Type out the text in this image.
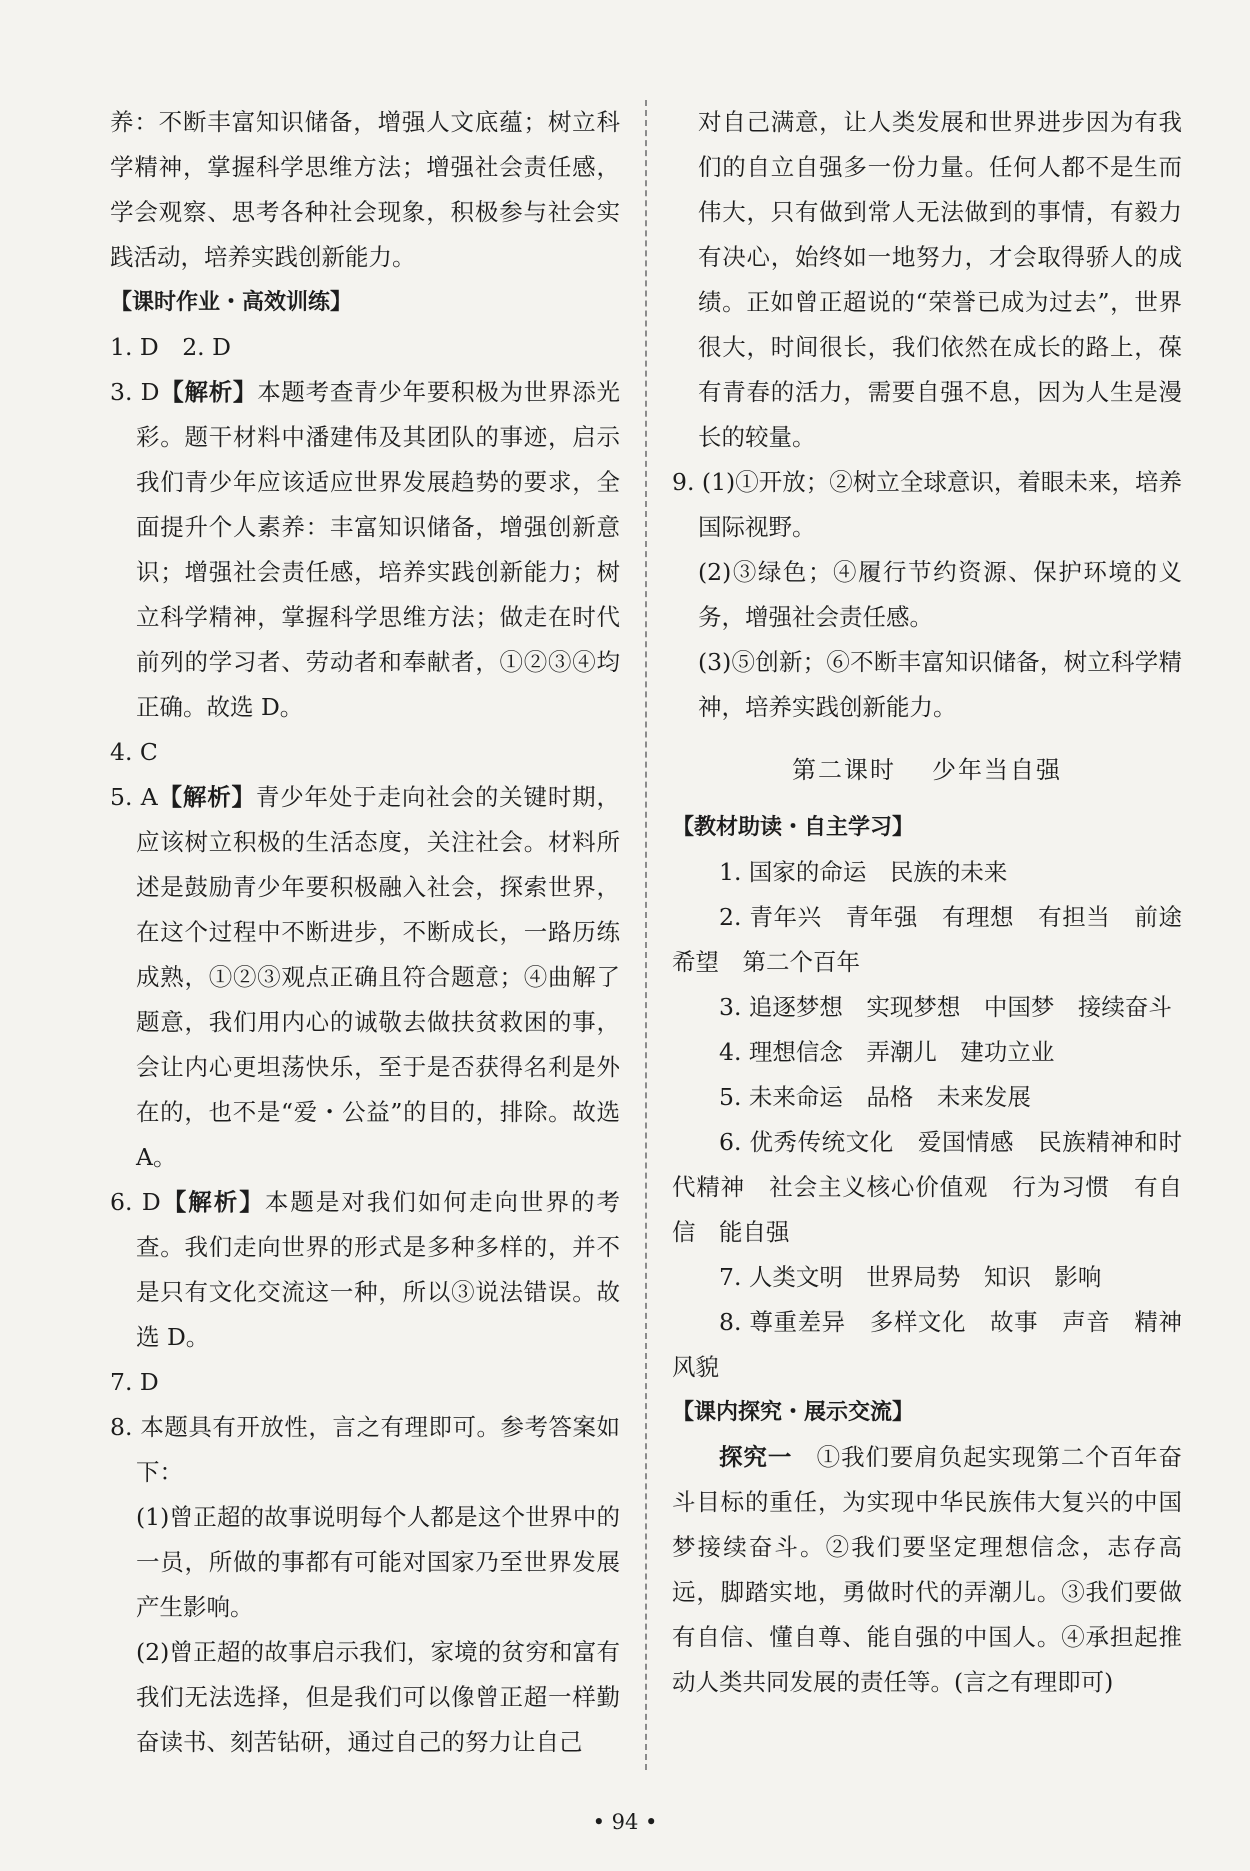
养：不断丰富知识储备，增强人文底蕴；树立科学精神，掌握科学思维方法；增强社会责任感，学会观察、思考各种社会现象，积极参与社会实践活动，培养实践创新能力。

【课时作业・高效训练】

1. D　2. D

3. D【解析】本题考查青少年要积极为世界添光彩。题干材料中潘建伟及其团队的事迹，启示我们青少年应该适应世界发展趋势的要求，全面提升个人素养：丰富知识储备，增强创新意识；增强社会责任感，培养实践创新能力；树立科学精神，掌握科学思维方法；做走在时代前列的学习者、劳动者和奉献者，①②③④均正确。故选 D。

4. C

5. A【解析】青少年处于走向社会的关键时期，应该树立积极的生活态度，关注社会。材料所述是鼓励青少年要积极融入社会，探索世界，在这个过程中不断进步，不断成长，一路历练成熟，①②③观点正确且符合题意；④曲解了题意，我们用内心的诚敬去做扶贫救困的事，会让内心更坦荡快乐，至于是否获得名利是外在的，也不是“爱・公益”的目的，排除。故选 A。

6. D【解析】本题是对我们如何走向世界的考查。我们走向世界的形式是多种多样的，并不是只有文化交流这一种，所以③说法错误。故选 D。

7. D

8. 本题具有开放性，言之有理即可。参考答案如下：

(1)曾正超的故事说明每个人都是这个世界中的一员，所做的事都有可能对国家乃至世界发展产生影响。

(2)曾正超的故事启示我们，家境的贫穷和富有我们无法选择，但是我们可以像曾正超一样勤奋读书、刻苦钻研，通过自己的努力让自己

对自己满意，让人类发展和世界进步因为有我们的自立自强多一份力量。任何人都不是生而伟大，只有做到常人无法做到的事情，有毅力有决心，始终如一地努力，才会取得骄人的成绩。正如曾正超说的“荣誉已成为过去”，世界很大，时间很长，我们依然在成长的路上，葆有青春的活力，需要自强不息，因为人生是漫长的较量。

9. (1)①开放；②树立全球意识，着眼未来，培养国际视野。

(2)③绿色；④履行节约资源、保护环境的义务，增强社会责任感。

(3)⑤创新；⑥不断丰富知识储备，树立科学精神，培养实践创新能力。

第二课时 少年当自强

【教材助读・自主学习】

1. 国家的命运　民族的未来

2. 青年兴　青年强　有理想　有担当　前途　希望　第二个百年

3. 追逐梦想　实现梦想　中国梦　接续奋斗

4. 理想信念　弄潮儿　建功立业

5. 未来命运　品格　未来发展

6. 优秀传统文化　爱国情感　民族精神和时代精神　社会主义核心价值观　行为习惯　有自信　能自强

7. 人类文明　世界局势　知识　影响

8. 尊重差异　多样文化　故事　声音　精神　风貌

【课内探究・展示交流】

探究一　①我们要肩负起实现第二个百年奋斗目标的重任，为实现中华民族伟大复兴的中国梦接续奋斗。②我们要坚定理想信念，志存高远，脚踏实地，勇做时代的弄潮儿。③我们要做有自信、懂自尊、能自强的中国人。④承担起推动人类共同发展的责任等。(言之有理即可)

• 94 •
